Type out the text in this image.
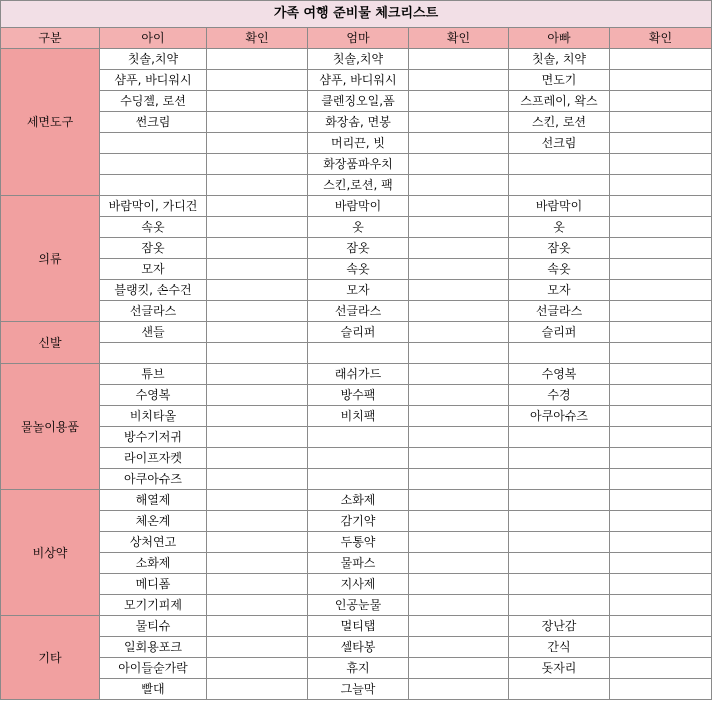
가족 여행 준비물 체크리스트						
구분	아이	확인	엄마	확인	아빠	확인
세면도구	칫솔,치약		칫솔,치약		칫솔, 치약	
	샴푸, 바디워시		샴푸, 바디워시		면도기	
	수딩젤, 로션		클렌징오일,폼		스프레이, 왁스	
	썬크림		화장솜, 면봉		스킨, 로션	
			머리끈, 빗		선크림	
			화장품파우치			
			스킨,로션, 팩			
의류	바람막이, 가디건		바람막이		바람막이	
	속옷		옷		옷	
	잠옷		잠옷		잠옷	
	모자		속옷		속옷	
	블랭킷, 손수건		모자		모자	
	선글라스		선글라스		선글라스	
신발	샌들		슬리퍼		슬리퍼	

물놀이용품	튜브		래쉬가드		수영복	
	수영복		방수팩		수경	
	비치타올		비치팩		아쿠아슈즈	
	방수기저귀					
	라이프자켓					
	아쿠아슈즈					
비상약	해열제		소화제			
	체온계		감기약			
	상처연고		두통약			
	소화제		물파스			
	메디폼		지사제			
	모기기피제		인공눈물			
기타	물티슈		멀티탭		장난감	
	일회용포크		셀타봉		간식	
	아이들숟가락		휴지		돗자리	
	빨대		그늘막			
